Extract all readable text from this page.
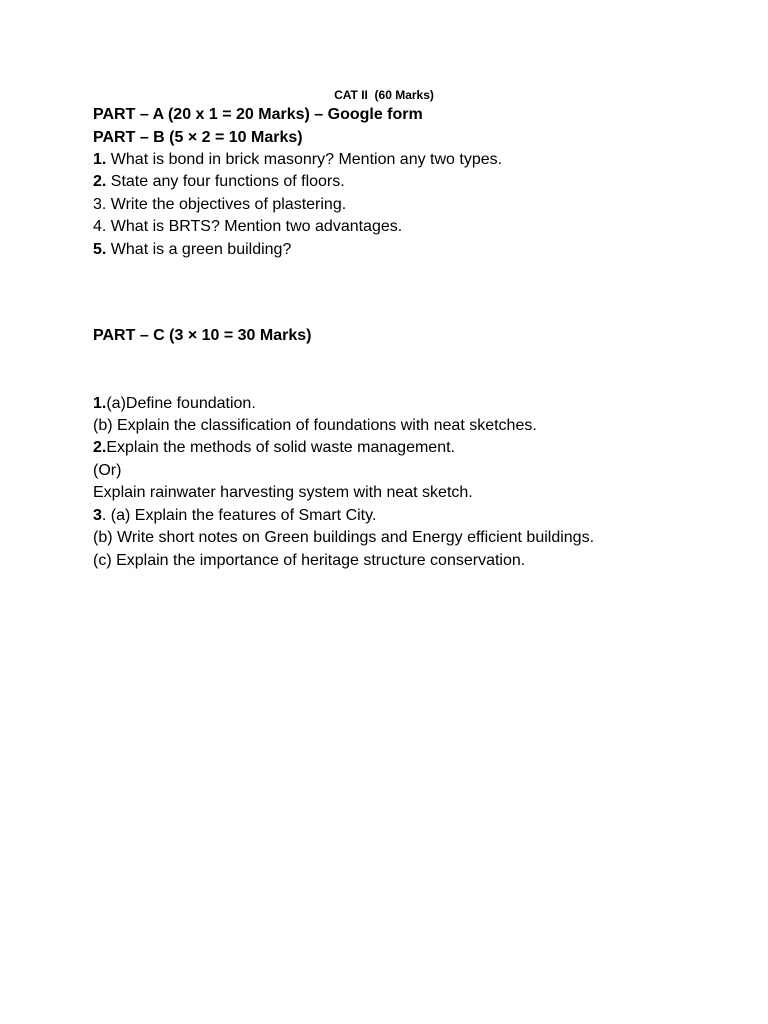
CAT II  (60 Marks)
PART – A (20 x 1 = 20 Marks) – Google form
PART – B (5 × 2 = 10 Marks)
1. What is bond in brick masonry? Mention any two types.
2. State any four functions of floors.
3. Write the objectives of plastering.
4. What is BRTS? Mention two advantages.
5. What is a green building?
PART – C (3 × 10 = 30 Marks)
1.(a)Define foundation.
(b) Explain the classification of foundations with neat sketches.
2.Explain the methods of solid waste management.
(Or)
Explain rainwater harvesting system with neat sketch.
3. (a) Explain the features of Smart City.
(b) Write short notes on Green buildings and Energy efficient buildings.
(c) Explain the importance of heritage structure conservation.
